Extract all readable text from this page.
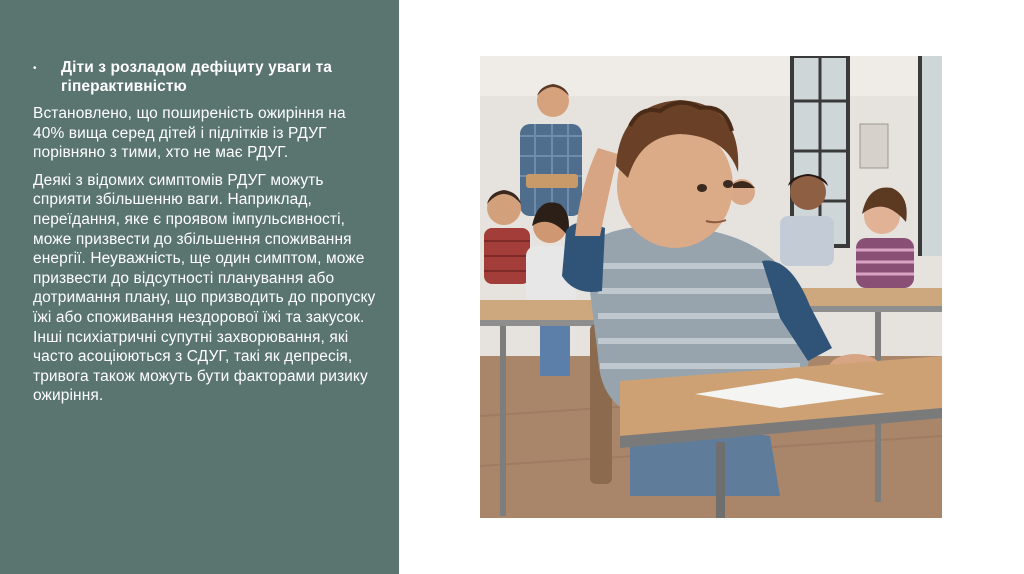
•	Діти з розладом дефіциту уваги та гіперактивністю

Встановлено, що поширеність ожиріння на 40% вища серед дітей і підлітків із РДУГ порівняно з тими, хто не має РДУГ.

Деякі з відомих симптомів РДУГ можуть сприяти збільшенню ваги. Наприклад, переїдання, яке є проявом імпульсивності, може призвести до збільшення споживання енергії. Неуважність, ще один симптом, може призвести до відсутності планування або дотримання плану, що призводить до пропуску їжі або споживання нездорової їжі та закусок. Інші психіатричні супутні захворювання, які часто асоціюються з СДУГ, такі як депресія, тривога також можуть бути факторами ризику ожиріння.
